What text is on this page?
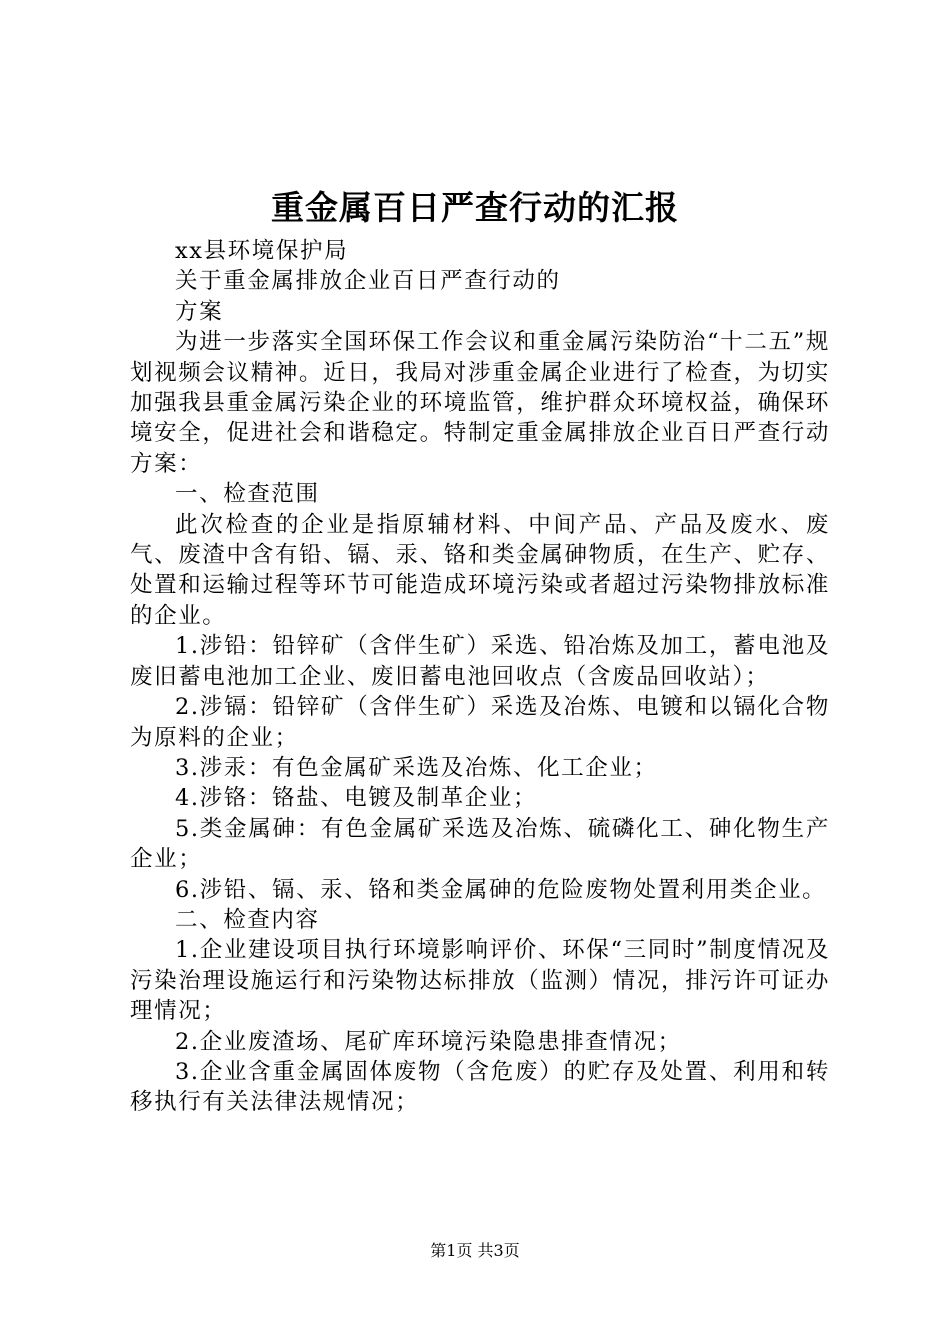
重金属百日严查行动的汇报

xx县环境保护局

关于重金属排放企业百日严查行动的

方案

为进一步落实全国环保工作会议和重金属污染防治“十二五”规划视频会议精神。近日，我局对涉重金属企业进行了检查，为切实加强我县重金属污染企业的环境监管，维护群众环境权益，确保环境安全，促进社会和谐稳定。特制定重金属排放企业百日严查行动方案：

一、检查范围

此次检查的企业是指原辅材料、中间产品、产品及废水、废气、废渣中含有铅、镉、汞、铬和类金属砷物质，在生产、贮存、处置和运输过程等环节可能造成环境污染或者超过污染物排放标准的企业。

1.涉铅：铅锌矿（含伴生矿）采选、铅冶炼及加工，蓄电池及废旧蓄电池加工企业、废旧蓄电池回收点（含废品回收站）；

2.涉镉：铅锌矿（含伴生矿）采选及冶炼、电镀和以镉化合物为原料的企业；

3.涉汞：有色金属矿采选及冶炼、化工企业；

4.涉铬：铬盐、电镀及制革企业；

5.类金属砷：有色金属矿采选及冶炼、硫磷化工、砷化物生产企业；

6.涉铅、镉、汞、铬和类金属砷的危险废物处置利用类企业。

二、检查内容

1.企业建设项目执行环境影响评价、环保“三同时”制度情况及污染治理设施运行和污染物达标排放（监测）情况，排污许可证办理情况；

2.企业废渣场、尾矿库环境污染隐患排查情况；

3.企业含重金属固体废物（含危废）的贮存及处置、利用和转移执行有关法律法规情况；

第1页 共3页
